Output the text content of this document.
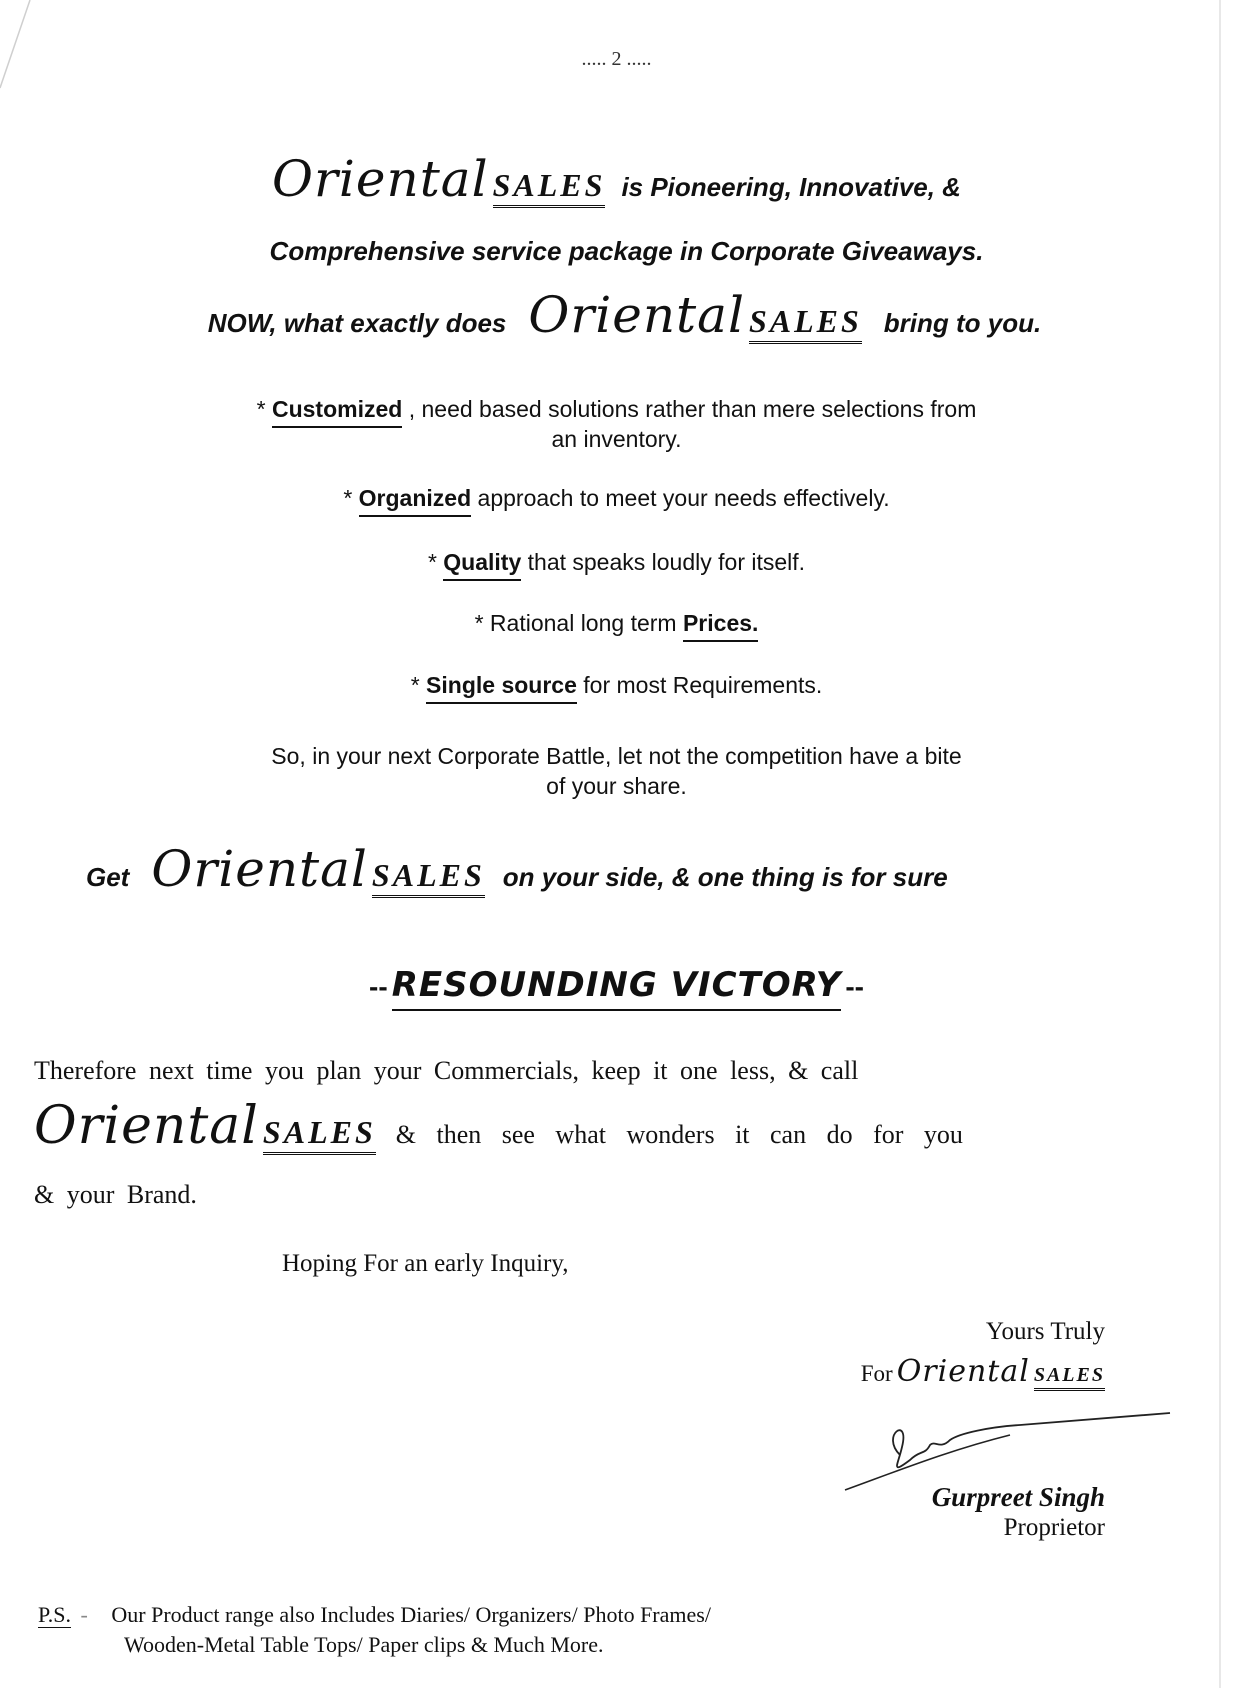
..... 2 .....
Oriental SALES is Pioneering, Innovative, &
Comprehensive service package in Corporate Giveaways.
NOW, what exactly does Oriental SALES bring to you.
* Customized , need based solutions rather than mere selections from
an inventory.
* Organized approach to meet your needs effectively.
* Quality that speaks loudly for itself.
* Rational long term Prices.
* Single source for most Requirements.
So, in your next Corporate Battle, let not the competition have a bite
of your share.
Get Oriental SALES on your side, & one thing is for sure
-- RESOUNDING VICTORY --
Therefore next time you plan your Commercials, keep it one less, & call
Oriental SALES & then see what wonders it can do for you
& your Brand.
Hoping For an early Inquiry,
Yours Truly
For Oriental SALES
Gurpreet Singh
Proprietor
P.S. - Our Product range also Includes Diaries/ Organizers/ Photo Frames/
Wooden-Metal Table Tops/ Paper clips & Much More.
